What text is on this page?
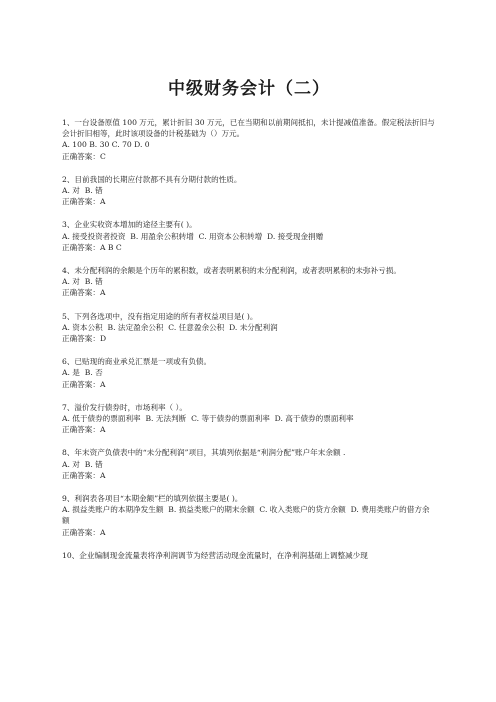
中级财务会计（二）
1、一台设备原值 100 万元，累计折旧 30 万元，已在当期和以前期间抵扣，未计提减值准备。假定税法折旧与会计折旧相等，此时该项设备的计税基础为（）万元。
A. 100 B. 30 C. 70 D. 0
正确答案：C
2、目前我国的长期应付款都不具有分期付款的性质。
A. 对  B. 错
正确答案：A
3、企业实收资本增加的途径主要有( )。
A. 接受投资者投资  B. 用盈余公积转增  C. 用资本公积转增  D. 接受现金捐赠
正确答案：A B C
4、未分配利润的余额是个历年的累积数，或者表明累积的未分配利润，或者表明累积的未弥补亏损。
A. 对  B. 错
正确答案：A
5、下列各选项中，没有指定用途的所有者权益项目是( )。
A. 资本公积  B. 法定盈余公积  C. 任意盈余公积  D. 未分配利润
正确答案：D
6、已贴现的商业承兑汇票是一项或有负债。
A. 是  B. 否
正确答案：A
7、溢价发行债券时，市场利率（ ）。
A. 低于债券的票面利率  B. 无法判断  C. 等于债券的票面利率  D. 高于债券的票面利率
正确答案：A
8、年末资产负债表中的“未分配利润”项目，其填列依据是“利润分配”账户年末余额 .
A. 对  B. 错
正确答案：A
9、利润表各项目“本期金额”栏的填列依据主要是( )。
A. 损益类账户的本期净发生额  B. 损益类账户的期末余额  C. 收入类账户的贷方余额  D. 费用类账户的借方余额
正确答案：A
10、企业编制现金流量表将净利润调节为经营活动现金流量时，在净利润基础上调整减少现
